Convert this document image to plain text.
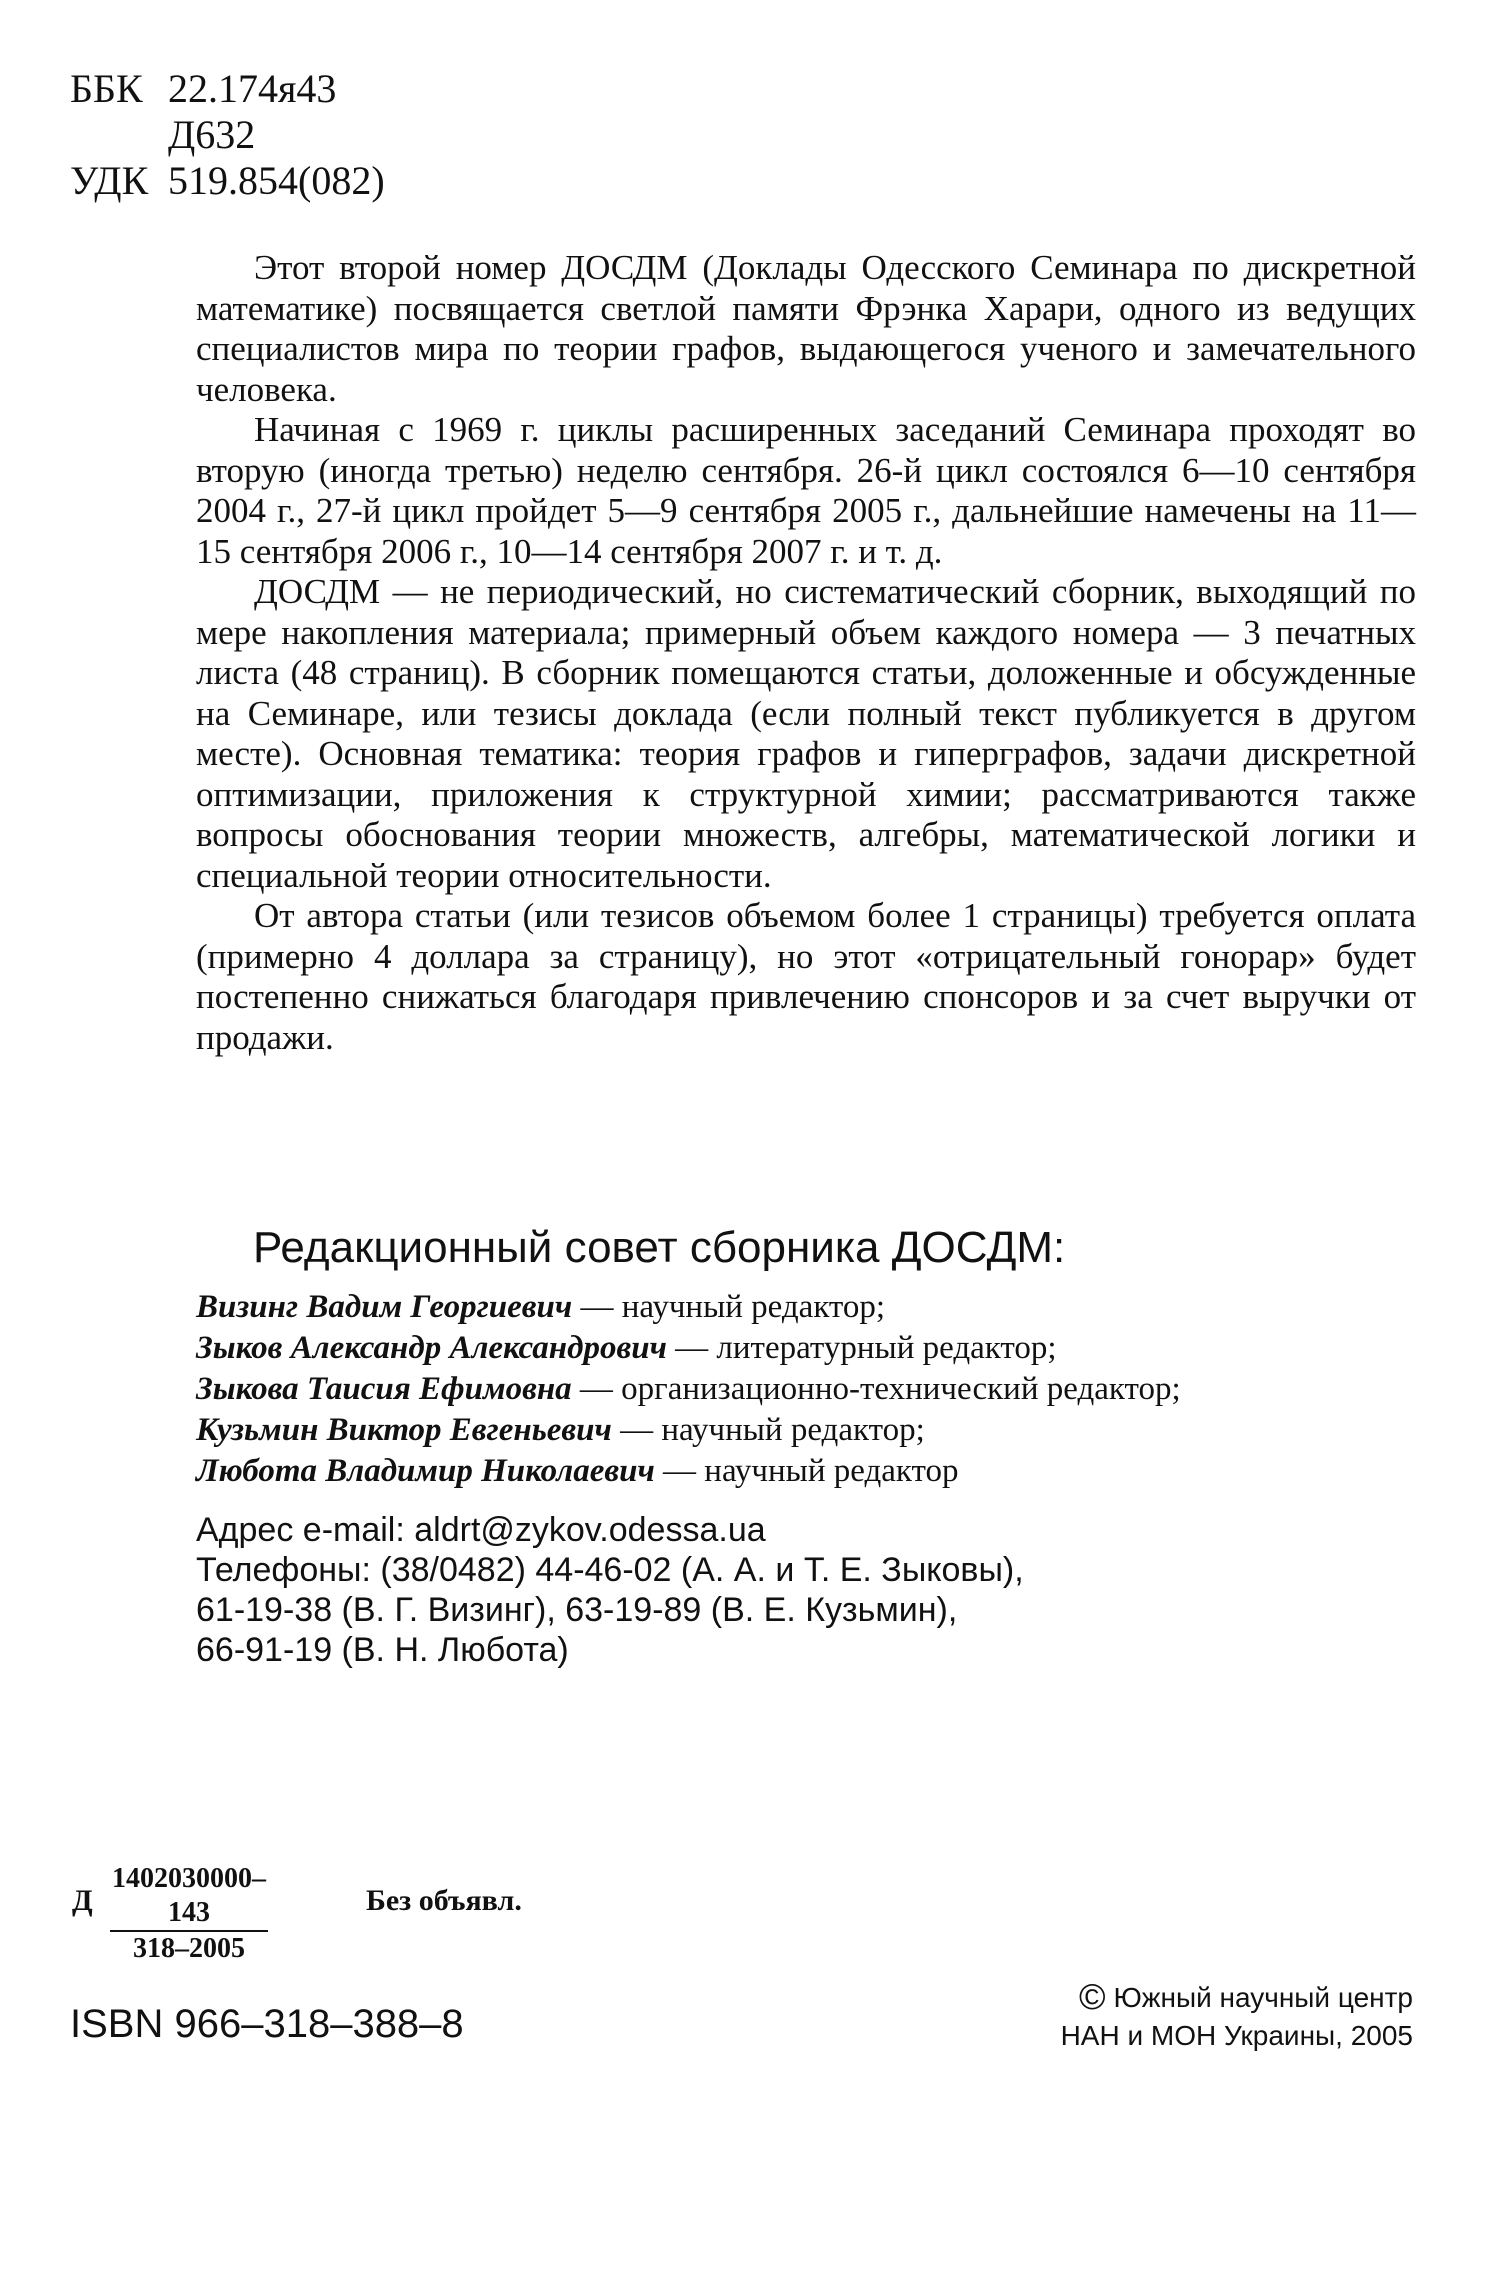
ББК 22.174я43
Д632
УДК 519.854(082)

Этот второй номер ДОСДМ (Доклады Одесского Семинара по дискретной математике) посвящается светлой памяти Фрэнка Харари, одного из ведущих специалистов мира по теории графов, выдающегося ученого и замечательного человека.

Начиная с 1969 г. циклы расширенных заседаний Семинара проходят во вторую (иногда третью) неделю сентября. 26-й цикл состоялся 6—10 сентября 2004 г., 27-й цикл пройдет 5—9 сентября 2005 г., дальнейшие намечены на 11—15 сентября 2006 г., 10—14 сентября 2007 г. и т. д.

ДОСДМ — не периодический, но систематический сборник, выходящий по мере накопления материала; примерный объем каждого номера — 3 печатных листа (48 страниц). В сборник помещаются статьи, доложенные и обсужденные на Семинаре, или тезисы доклада (если полный текст публикуется в другом месте). Основная тематика: теория графов и гиперграфов, задачи дискретной оптимизации, приложения к структурной химии; рассматриваются также вопросы обоснования теории множеств, алгебры, математической логики и специальной теории относительности.

От автора статьи (или тезисов объемом более 1 страницы) требуется оплата (примерно 4 доллара за страницу), но этот «отрицательный гонорар» будет постепенно снижаться благодаря привлечению спонсоров и за счет выручки от продажи.

Редакционный совет сборника ДОСДМ:
Визинг Вадим Георгиевич — научный редактор;
Зыков Александр Александрович — литературный редактор;
Зыкова Таисия Ефимовна — организационно-технический редактор;
Кузьмин Виктор Евгеньевич — научный редактор;
Любота Владимир Николаевич — научный редактор
Адрес e-mail: aldrt@zykov.odessa.ua
Телефоны: (38/0482) 44-46-02 (А. А. и Т. Е. Зыковы),
61-19-38 (В. Г. Визинг), 63-19-89 (В. Е. Кузьмин),
66-91-19 (В. Н. Любота)
Д $\frac{1402030000-143}{318-2005}$	Без объявл.
ISBN 966–318–388–8
© Южный научный центр
НАН и МОН Украины, 2005
